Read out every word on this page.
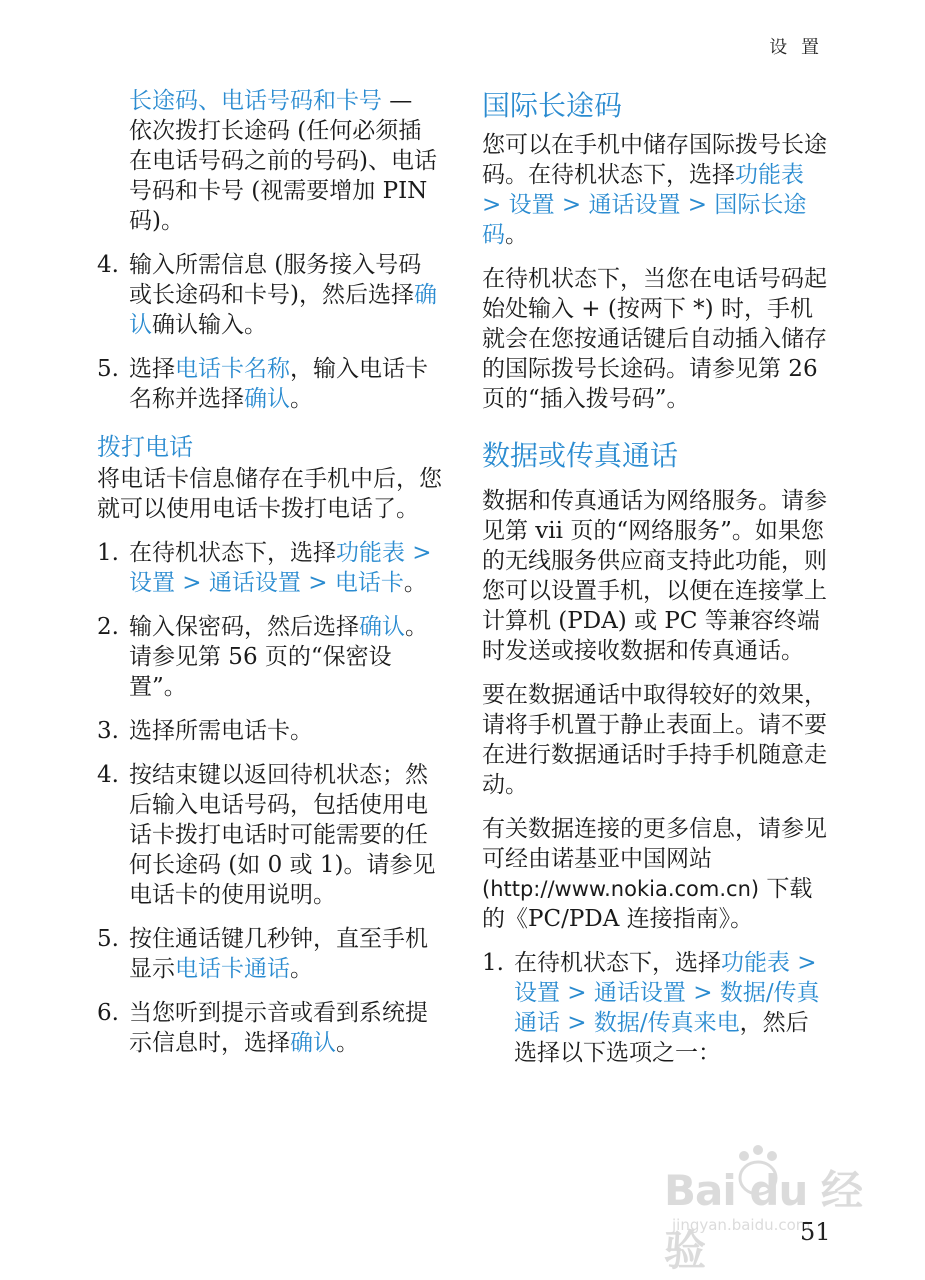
设 置
长途码、电话号码和卡号 — 依次拨打长途码 (任何必须插在电话号码之前的号码)、电话号码和卡号 (视需要增加 PIN 码)。
4. 输入所需信息 (服务接入号码或长途码和卡号)，然后选择确认确认输入。
5. 选择电话卡名称，输入电话卡名称并选择确认。
拨打电话
将电话卡信息储存在手机中后，您就可以使用电话卡拨打电话了。
1. 在待机状态下，选择功能表 > 设置 > 通话设置 > 电话卡。
2. 输入保密码，然后选择确认。请参见第 56 页的“保密设置”。
3. 选择所需电话卡。
4. 按结束键以返回待机状态；然后输入电话号码，包括使用电话卡拨打电话时可能需要的任何长途码 (如 0 或 1)。请参见电话卡的使用说明。
5. 按住通话键几秒钟，直至手机显示电话卡通话。
6. 当您听到提示音或看到系统提示信息时，选择确认。
国际长途码
您可以在手机中储存国际拨号长途码。在待机状态下，选择功能表 > 设置 > 通话设置 > 国际长途码。
在待机状态下，当您在电话号码起始处输入 + (按两下 *) 时，手机就会在您按通话键后自动插入储存的国际拨号长途码。请参见第 26 页的“插入拨号码”。
数据或传真通话
数据和传真通话为网络服务。请参见第 vii 页的“网络服务”。如果您的无线服务供应商支持此功能，则您可以设置手机，以便在连接掌上计算机 (PDA) 或 PC 等兼容终端时发送或接收数据和传真通话。
要在数据通话中取得较好的效果，请将手机置于静止表面上。请不要在进行数据通话时手持手机随意走动。
有关数据连接的更多信息，请参见可经由诺基亚中国网站(http://www.nokia.com.cn) 下载的《PC/PDA 连接指南》。
1. 在待机状态下，选择功能表 > 设置 > 通话设置 > 数据/传真通话 > 数据/传真来电，然后选择以下选项之一：
Bai du 经验
jingyan.baidu.com
51
